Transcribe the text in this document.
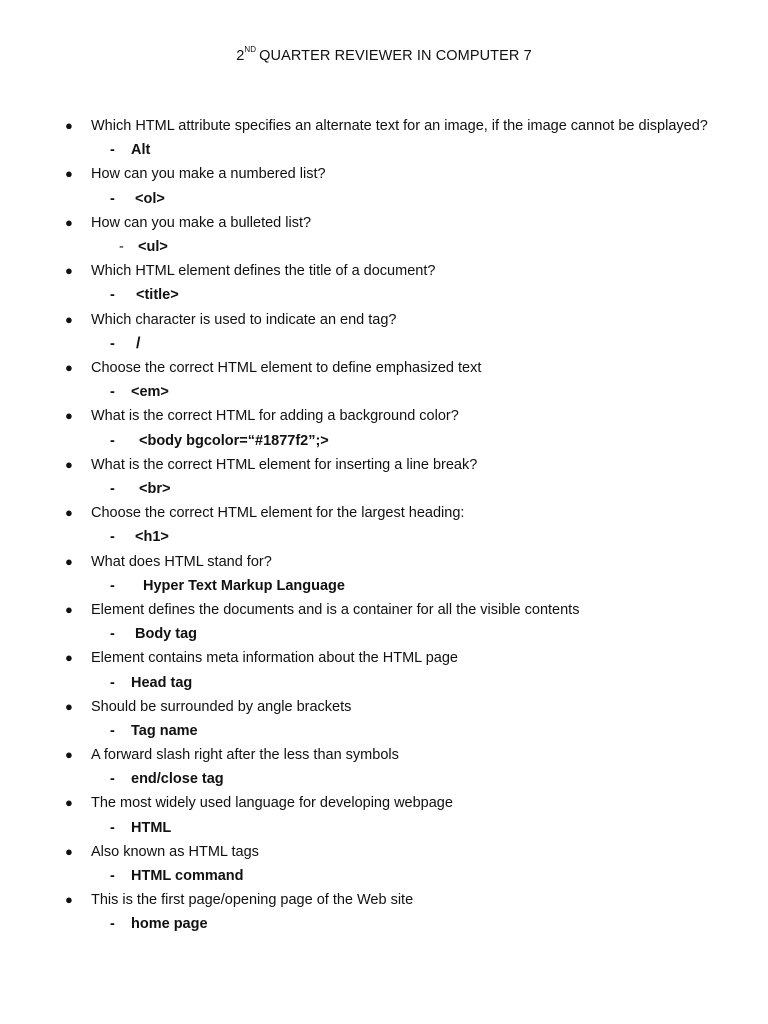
2ND QUARTER REVIEWER IN COMPUTER 7
● Which HTML attribute specifies an alternate text for an image, if the image cannot be displayed?
- Alt
● How can you make a numbered list?
- <ol>
● How can you make a bulleted list?
- <ul>
● Which HTML element defines the title of a document?
- <title>
● Which character is used to indicate an end tag?
- /
● Choose the correct HTML element to define emphasized text
- <em>
● What is the correct HTML for adding a background color?
- <body bgcolor=“#1877f2”;>
● What is the correct HTML element for inserting a line break?
- <br>
● Choose the correct HTML element for the largest heading:
- <h1>
● What does HTML stand for?
- Hyper Text Markup Language
● Element defines the documents and is a container for all the visible contents
- Body tag
● Element contains meta information about the HTML page
- Head tag
● Should be surrounded by angle brackets
- Tag name
● A forward slash right after the less than symbols
- end/close tag
● The most widely used language for developing webpage
- HTML
● Also known as HTML tags
- HTML command
● This is the first page/opening page of the Web site
- home page
